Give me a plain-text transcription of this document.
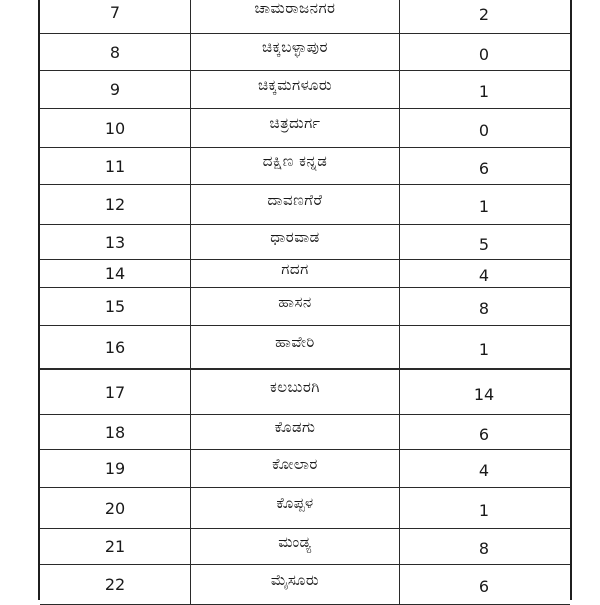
7	ಚಾಮರಾಜನಗರ	2
8	ಚಿಕ್ಕಬಳ್ಳಾಪುರ	0
9	ಚಿಕ್ಕಮಗಳೂರು	1
10	ಚಿತ್ರದುರ್ಗ	0
11	ದಕ್ಷಿಣ ಕನ್ನಡ	6
12	ದಾವಣಗೆರೆ	1
13	ಧಾರವಾಡ	5
14	ಗದಗ	4
15	ಹಾಸನ	8
16	ಹಾವೇರಿ	1
17	ಕಲಬುರಗಿ	14
18	ಕೊಡಗು	6
19	ಕೋಲಾರ	4
20	ಕೊಪ್ಪಳ	1
21	ಮಂಡ್ಯ	8
22	ಮೈಸೂರು	6
